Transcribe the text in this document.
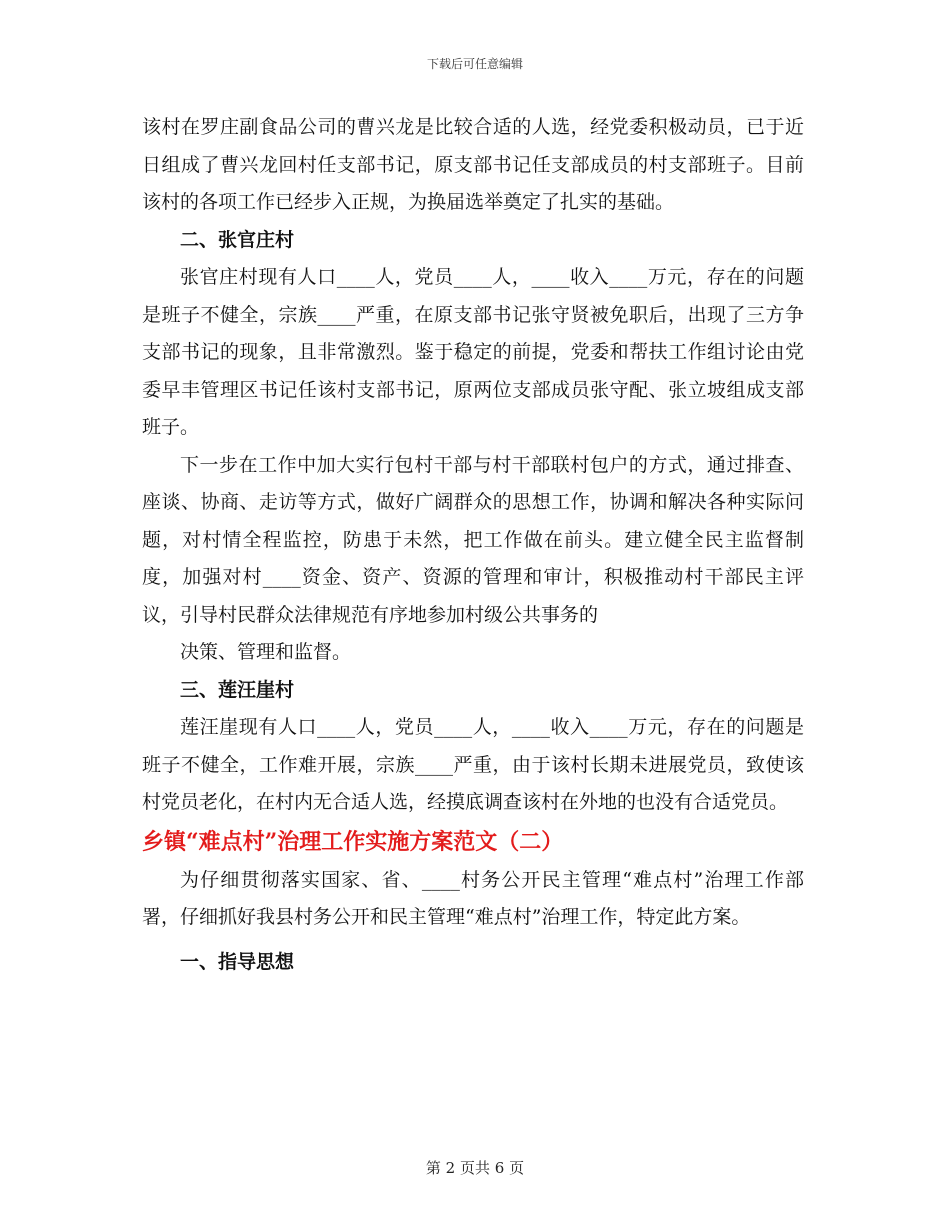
下载后可任意编辑

该村在罗庄副食品公司的曹兴龙是比较合适的人选，经党委积极动员，已于近日组成了曹兴龙回村任支部书记，原支部书记任支部成员的村支部班子。目前该村的各项工作已经步入正规，为换届选举奠定了扎实的基础。

二、张官庄村

张官庄村现有人口____人，党员____人，____收入____万元，存在的问题是班子不健全，宗族____严重，在原支部书记张守贤被免职后，出现了三方争支部书记的现象，且非常激烈。鉴于稳定的前提，党委和帮扶工作组讨论由党委早丰管理区书记任该村支部书记，原两位支部成员张守配、张立坡组成支部班子。

下一步在工作中加大实行包村干部与村干部联村包户的方式，通过排查、座谈、协商、走访等方式，做好广阔群众的思想工作，协调和解决各种实际问题，对村情全程监控，防患于未然，把工作做在前头。建立健全民主监督制度，加强对村____资金、资产、资源的管理和审计，积极推动村干部民主评议，引导村民群众法律规范有序地参加村级公共事务的

决策、管理和监督。

三、莲汪崖村

莲汪崖现有人口____人，党员____人，____收入____万元，存在的问题是班子不健全，工作难开展，宗族____严重，由于该村长期未进展党员，致使该村党员老化，在村内无合适人选，经摸底调查该村在外地的也没有合适党员。

乡镇“难点村”治理工作实施方案范文（二）

为仔细贯彻落实国家、省、____村务公开民主管理“难点村”治理工作部署，仔细抓好我县村务公开和民主管理“难点村”治理工作，特定此方案。

一、指导思想

第 2 页共 6 页
